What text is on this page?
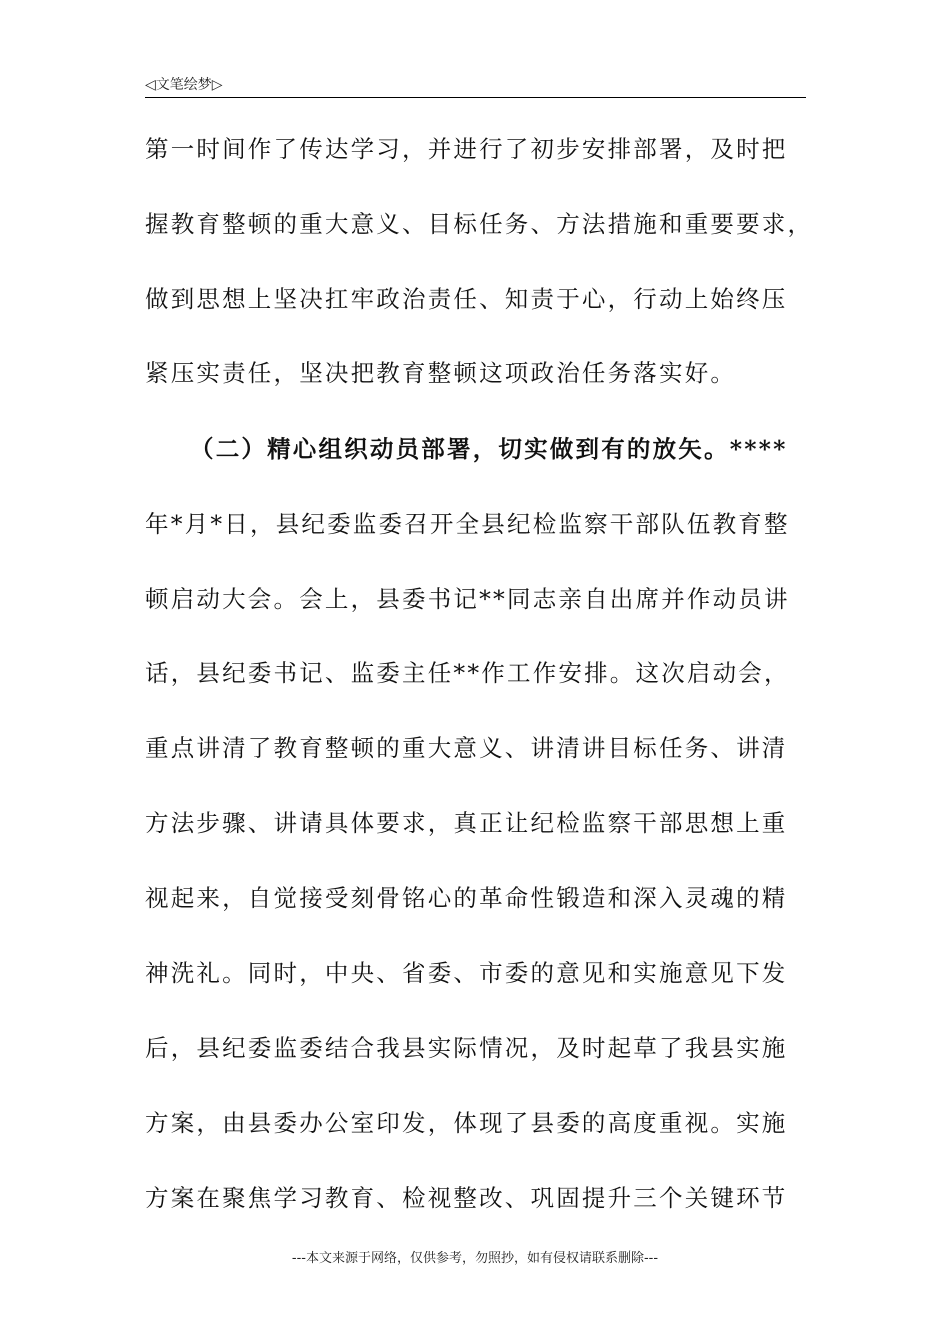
◁文笔绘梦▷
第一时间作了传达学习，并进行了初步安排部署，及时把
握教育整顿的重大意义、目标任务、方法措施和重要要求，
做到思想上坚决扛牢政治责任、知责于心，行动上始终压
紧压实责任，坚决把教育整顿这项政治任务落实好。
（二）精心组织动员部署，切实做到有的放矢。****
年*月*日，县纪委监委召开全县纪检监察干部队伍教育整
顿启动大会。会上，县委书记**同志亲自出席并作动员讲
话，县纪委书记、监委主任**作工作安排。这次启动会，
重点讲清了教育整顿的重大意义、讲清讲目标任务、讲清
方法步骤、讲请具体要求，真正让纪检监察干部思想上重
视起来，自觉接受刻骨铭心的革命性锻造和深入灵魂的精
神洗礼。同时，中央、省委、市委的意见和实施意见下发
后，县纪委监委结合我县实际情况，及时起草了我县实施
方案，由县委办公室印发，体现了县委的高度重视。实施
方案在聚焦学习教育、检视整改、巩固提升三个关键环节
---本文来源于网络，仅供参考，勿照抄，如有侵权请联系删除---
